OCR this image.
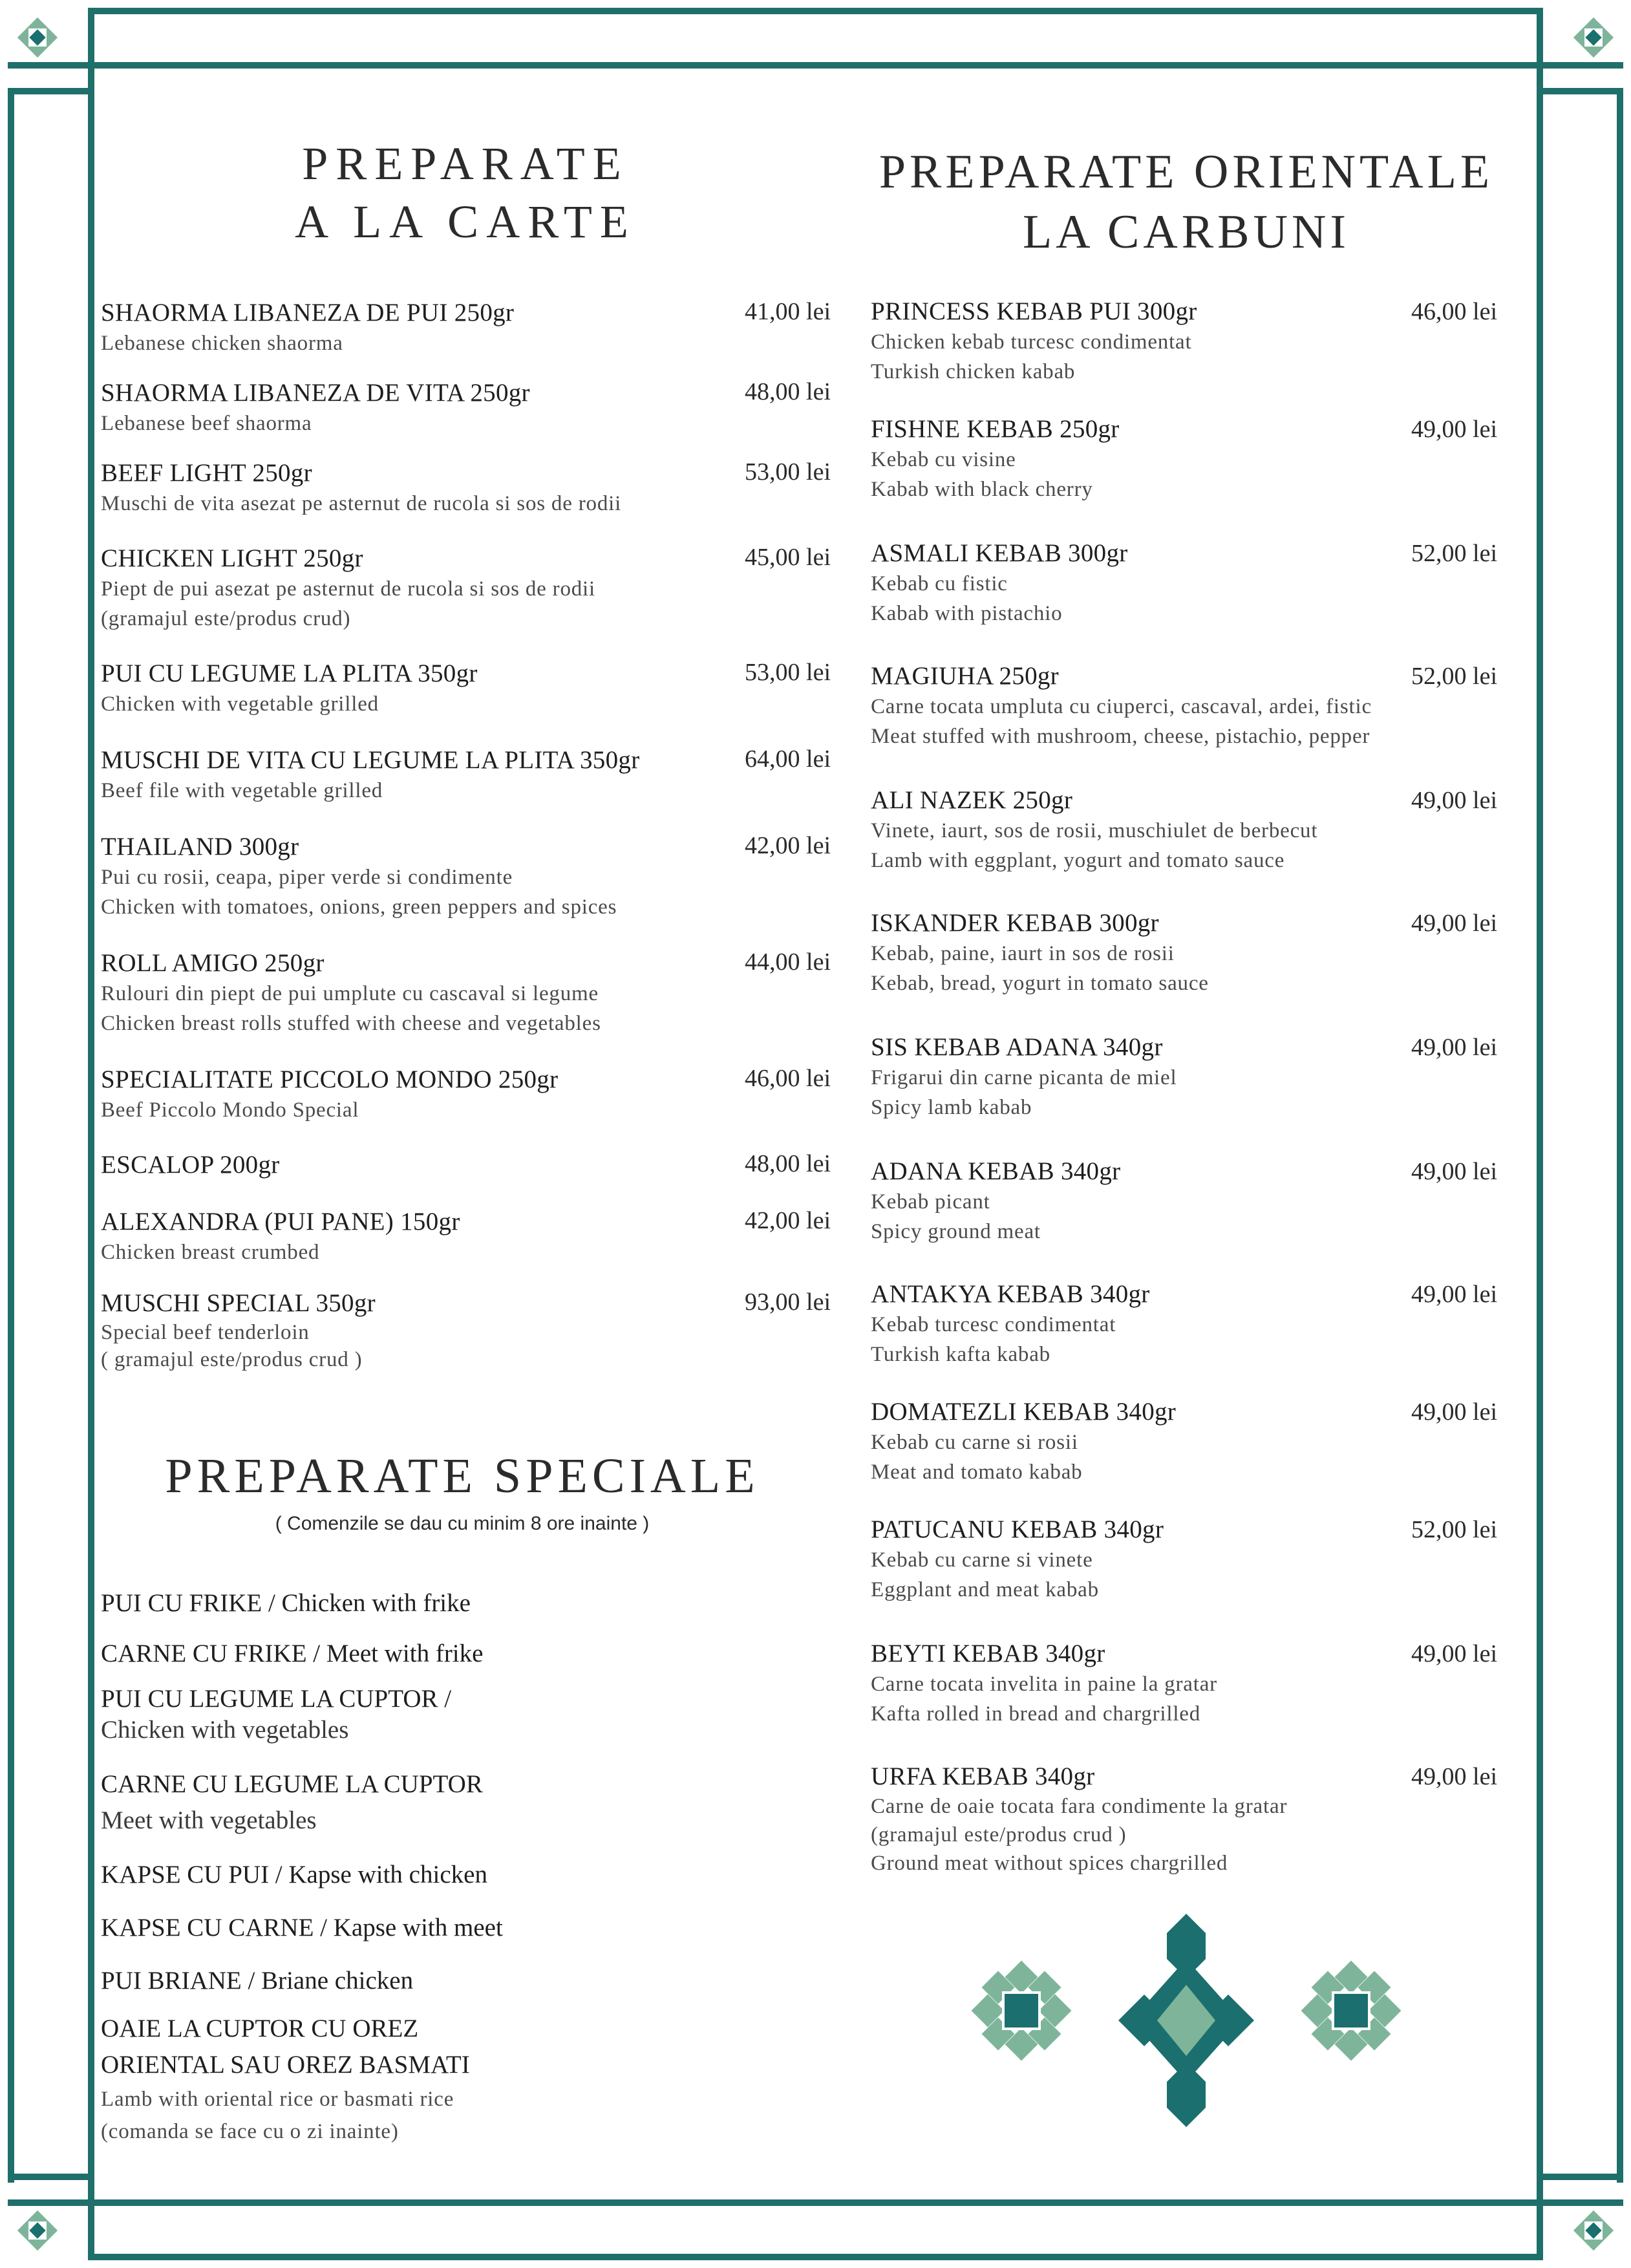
PREPARATE
A LA CARTE
PREPARATE ORIENTALE
LA CARBUNI
SHAORMA LIBANEZA DE PUI 250gr
Lebanese chicken shaorma
41,00 lei
SHAORMA LIBANEZA DE VITA 250gr
Lebanese beef shaorma
48,00 lei
BEEF LIGHT 250gr
Muschi de vita asezat pe asternut de rucola si sos de rodii
53,00 lei
CHICKEN LIGHT 250gr
Piept de pui asezat pe asternut de rucola si sos de rodii
(gramajul este/produs crud)
45,00 lei
PUI CU LEGUME LA PLITA 350gr
Chicken with vegetable grilled
53,00 lei
MUSCHI DE VITA CU LEGUME LA PLITA 350gr
Beef file with vegetable grilled
64,00 lei
THAILAND 300gr
Pui cu rosii, ceapa, piper verde si condimente
Chicken with tomatoes, onions, green peppers and spices
42,00 lei
ROLL AMIGO 250gr
Rulouri din piept de pui umplute cu cascaval si legume
Chicken breast rolls stuffed with cheese and vegetables
44,00 lei
SPECIALITATE PICCOLO MONDO 250gr
Beef Piccolo Mondo Special
46,00 lei
ESCALOP 200gr	48,00 lei
ALEXANDRA (PUI PANE) 150gr
Chicken breast crumbed
42,00 lei
MUSCHI SPECIAL 350gr
Special beef tenderloin
( gramajul este/produs crud )
93,00 lei
PREPARATE SPECIALE
( Comenzile se dau cu minim 8 ore inainte )
PUI CU FRIKE / Chicken with frike
CARNE CU FRIKE / Meet with frike
PUI CU LEGUME LA CUPTOR /
Chicken with vegetables
CARNE CU LEGUME LA CUPTOR
Meet with vegetables
KAPSE CU PUI / Kapse with chicken
KAPSE CU CARNE / Kapse with meet
PUI BRIANE / Briane chicken
OAIE LA CUPTOR CU OREZ
ORIENTAL SAU OREZ BASMATI
Lamb with oriental rice or basmati rice
(comanda se face cu o zi inainte)
PRINCESS KEBAB PUI 300gr
Chicken kebab turcesc condimentat
Turkish chicken kabab
46,00 lei
FISHNE KEBAB 250gr
Kebab cu visine
Kabab with black cherry
49,00 lei
ASMALI KEBAB 300gr
Kebab cu fistic
Kabab with pistachio
52,00 lei
MAGIUHA 250gr
Carne tocata umpluta cu ciuperci, cascaval, ardei, fistic
Meat stuffed with mushroom, cheese, pistachio, pepper
52,00 lei
ALI NAZEK 250gr
Vinete, iaurt, sos de rosii, muschiulet de berbecut
Lamb with eggplant, yogurt and tomato sauce
49,00 lei
ISKANDER KEBAB 300gr
Kebab, paine, iaurt in sos de rosii
Kebab, bread, yogurt in tomato sauce
49,00 lei
SIS KEBAB ADANA 340gr
Frigarui din carne picanta de miel
Spicy lamb kabab
49,00 lei
ADANA KEBAB 340gr
Kebab picant
Spicy ground meat
49,00 lei
ANTAKYA KEBAB 340gr
Kebab turcesc condimentat
Turkish kafta kabab
49,00 lei
DOMATEZLI KEBAB 340gr
Kebab cu carne si rosii
Meat and tomato kabab
49,00 lei
PATUCANU KEBAB 340gr
Kebab cu carne si vinete
Eggplant and meat kabab
52,00 lei
BEYTI KEBAB 340gr
Carne tocata invelita in paine la gratar
Kafta rolled in bread and chargrilled
49,00 lei
URFA KEBAB 340gr
Carne de oaie tocata fara condimente la gratar
(gramajul este/produs crud )
Ground meat without spices chargrilled
49,00 lei
